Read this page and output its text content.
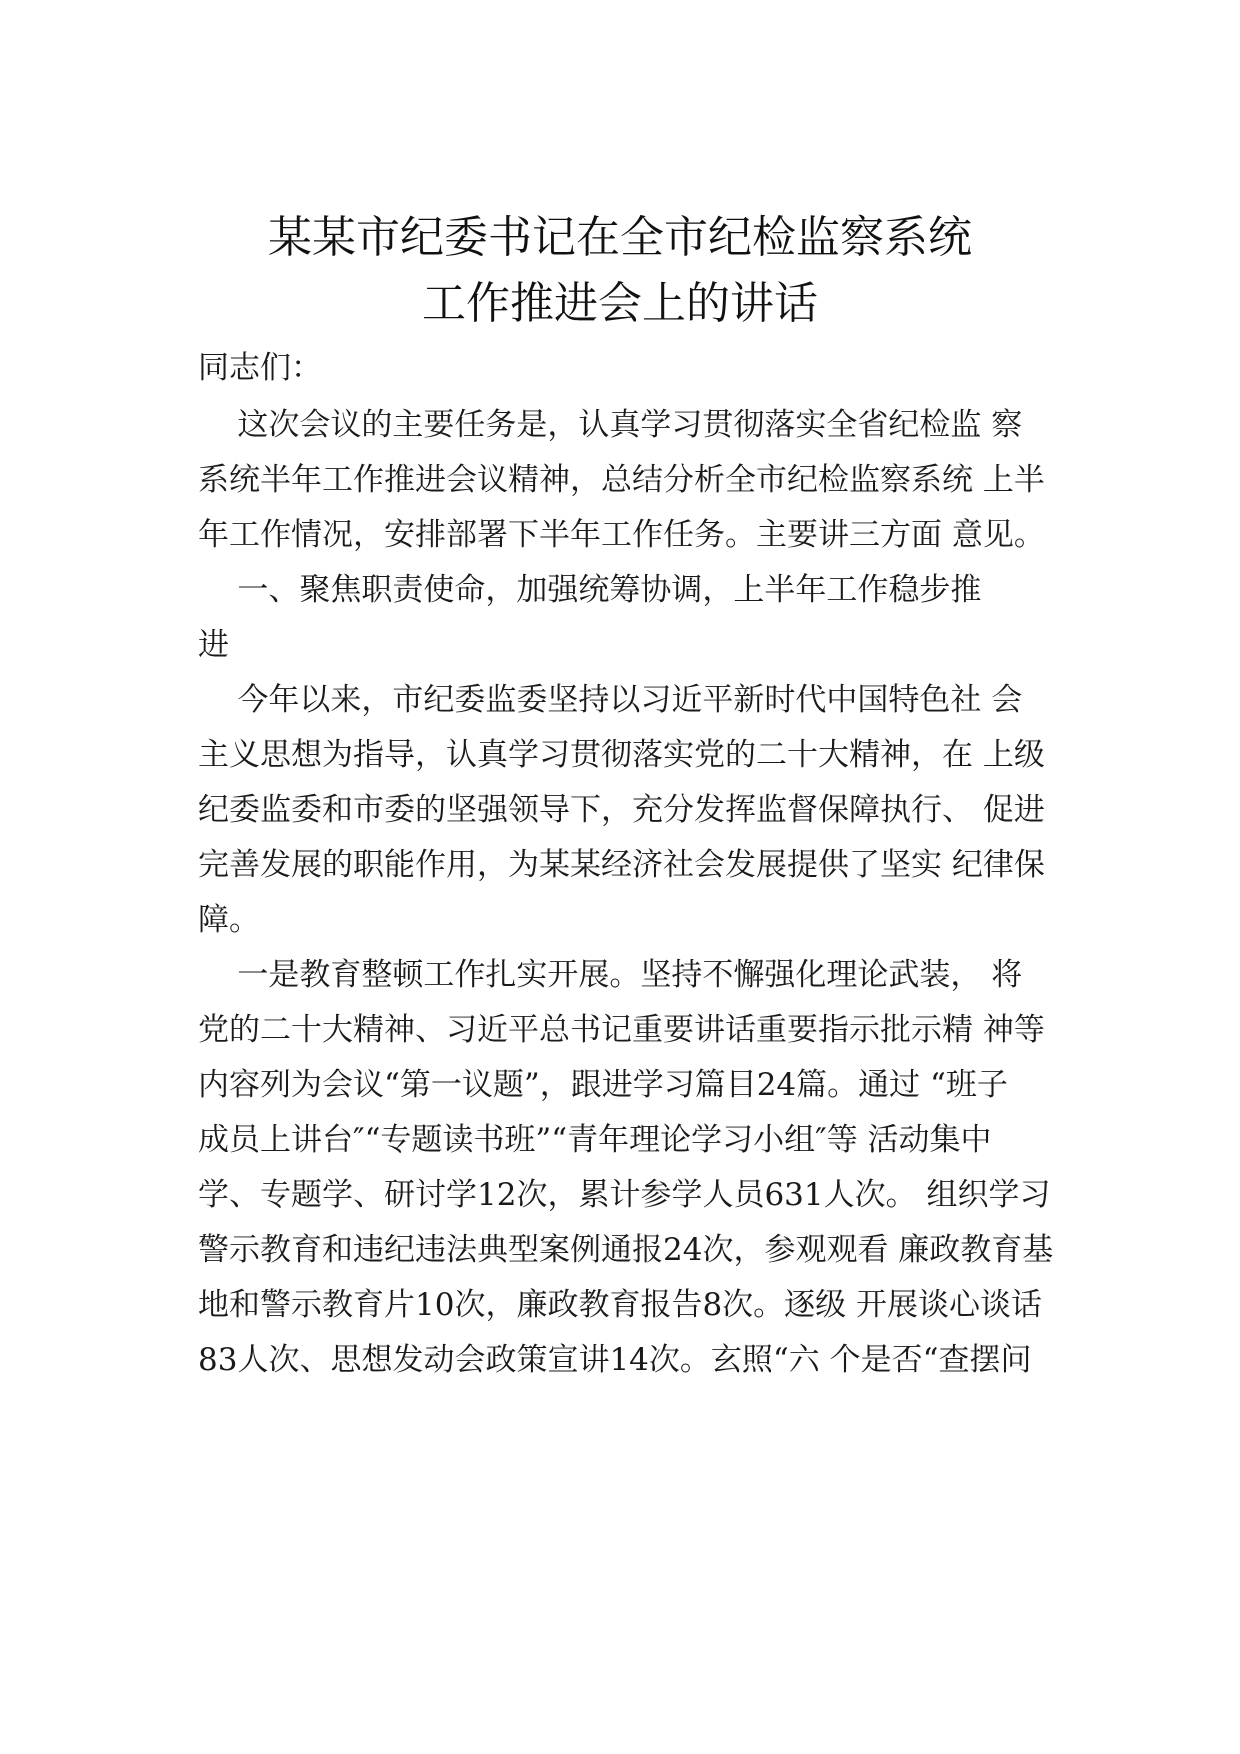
某某市纪委书记在全市纪检监察系统
工作推进会上的讲话

同志们：

这次会议的主要任务是，认真学习贯彻落实全省纪检监 察

系统半年工作推进会议精神，总结分析全市纪检监察系统 上半

年工作情况，安排部署下半年工作任务。主要讲三方面 意见。

一、聚焦职责使命，加强统筹协调，上半年工作稳步推

进

今年以来，市纪委监委坚持以习近平新时代中国特色社 会

主义思想为指导，认真学习贯彻落实党的二十大精神，在 上级

纪委监委和市委的坚强领导下，充分发挥监督保障执行、 促进

完善发展的职能作用，为某某经济社会发展提供了坚实 纪律保

障。

一是教育整顿工作扎实开展。坚持不懈强化理论武装， 将

党的二十大精神、习近平总书记重要讲话重要指示批示精 神等

内容列为会议“第一议题”，跟进学习篇目24篇。通过 “班子

成员上讲台″“专题读书班”“青年理论学习小组″等 活动集中

学、专题学、研讨学12次，累计参学人员631人次。 组织学习

警示教育和违纪违法典型案例通报24次，参观观看 廉政教育基

地和警示教育片10次，廉政教育报告8次。逐级 开展谈心谈话

83人次、思想发动会政策宣讲14次。玄照“六 个是否“查摆问
